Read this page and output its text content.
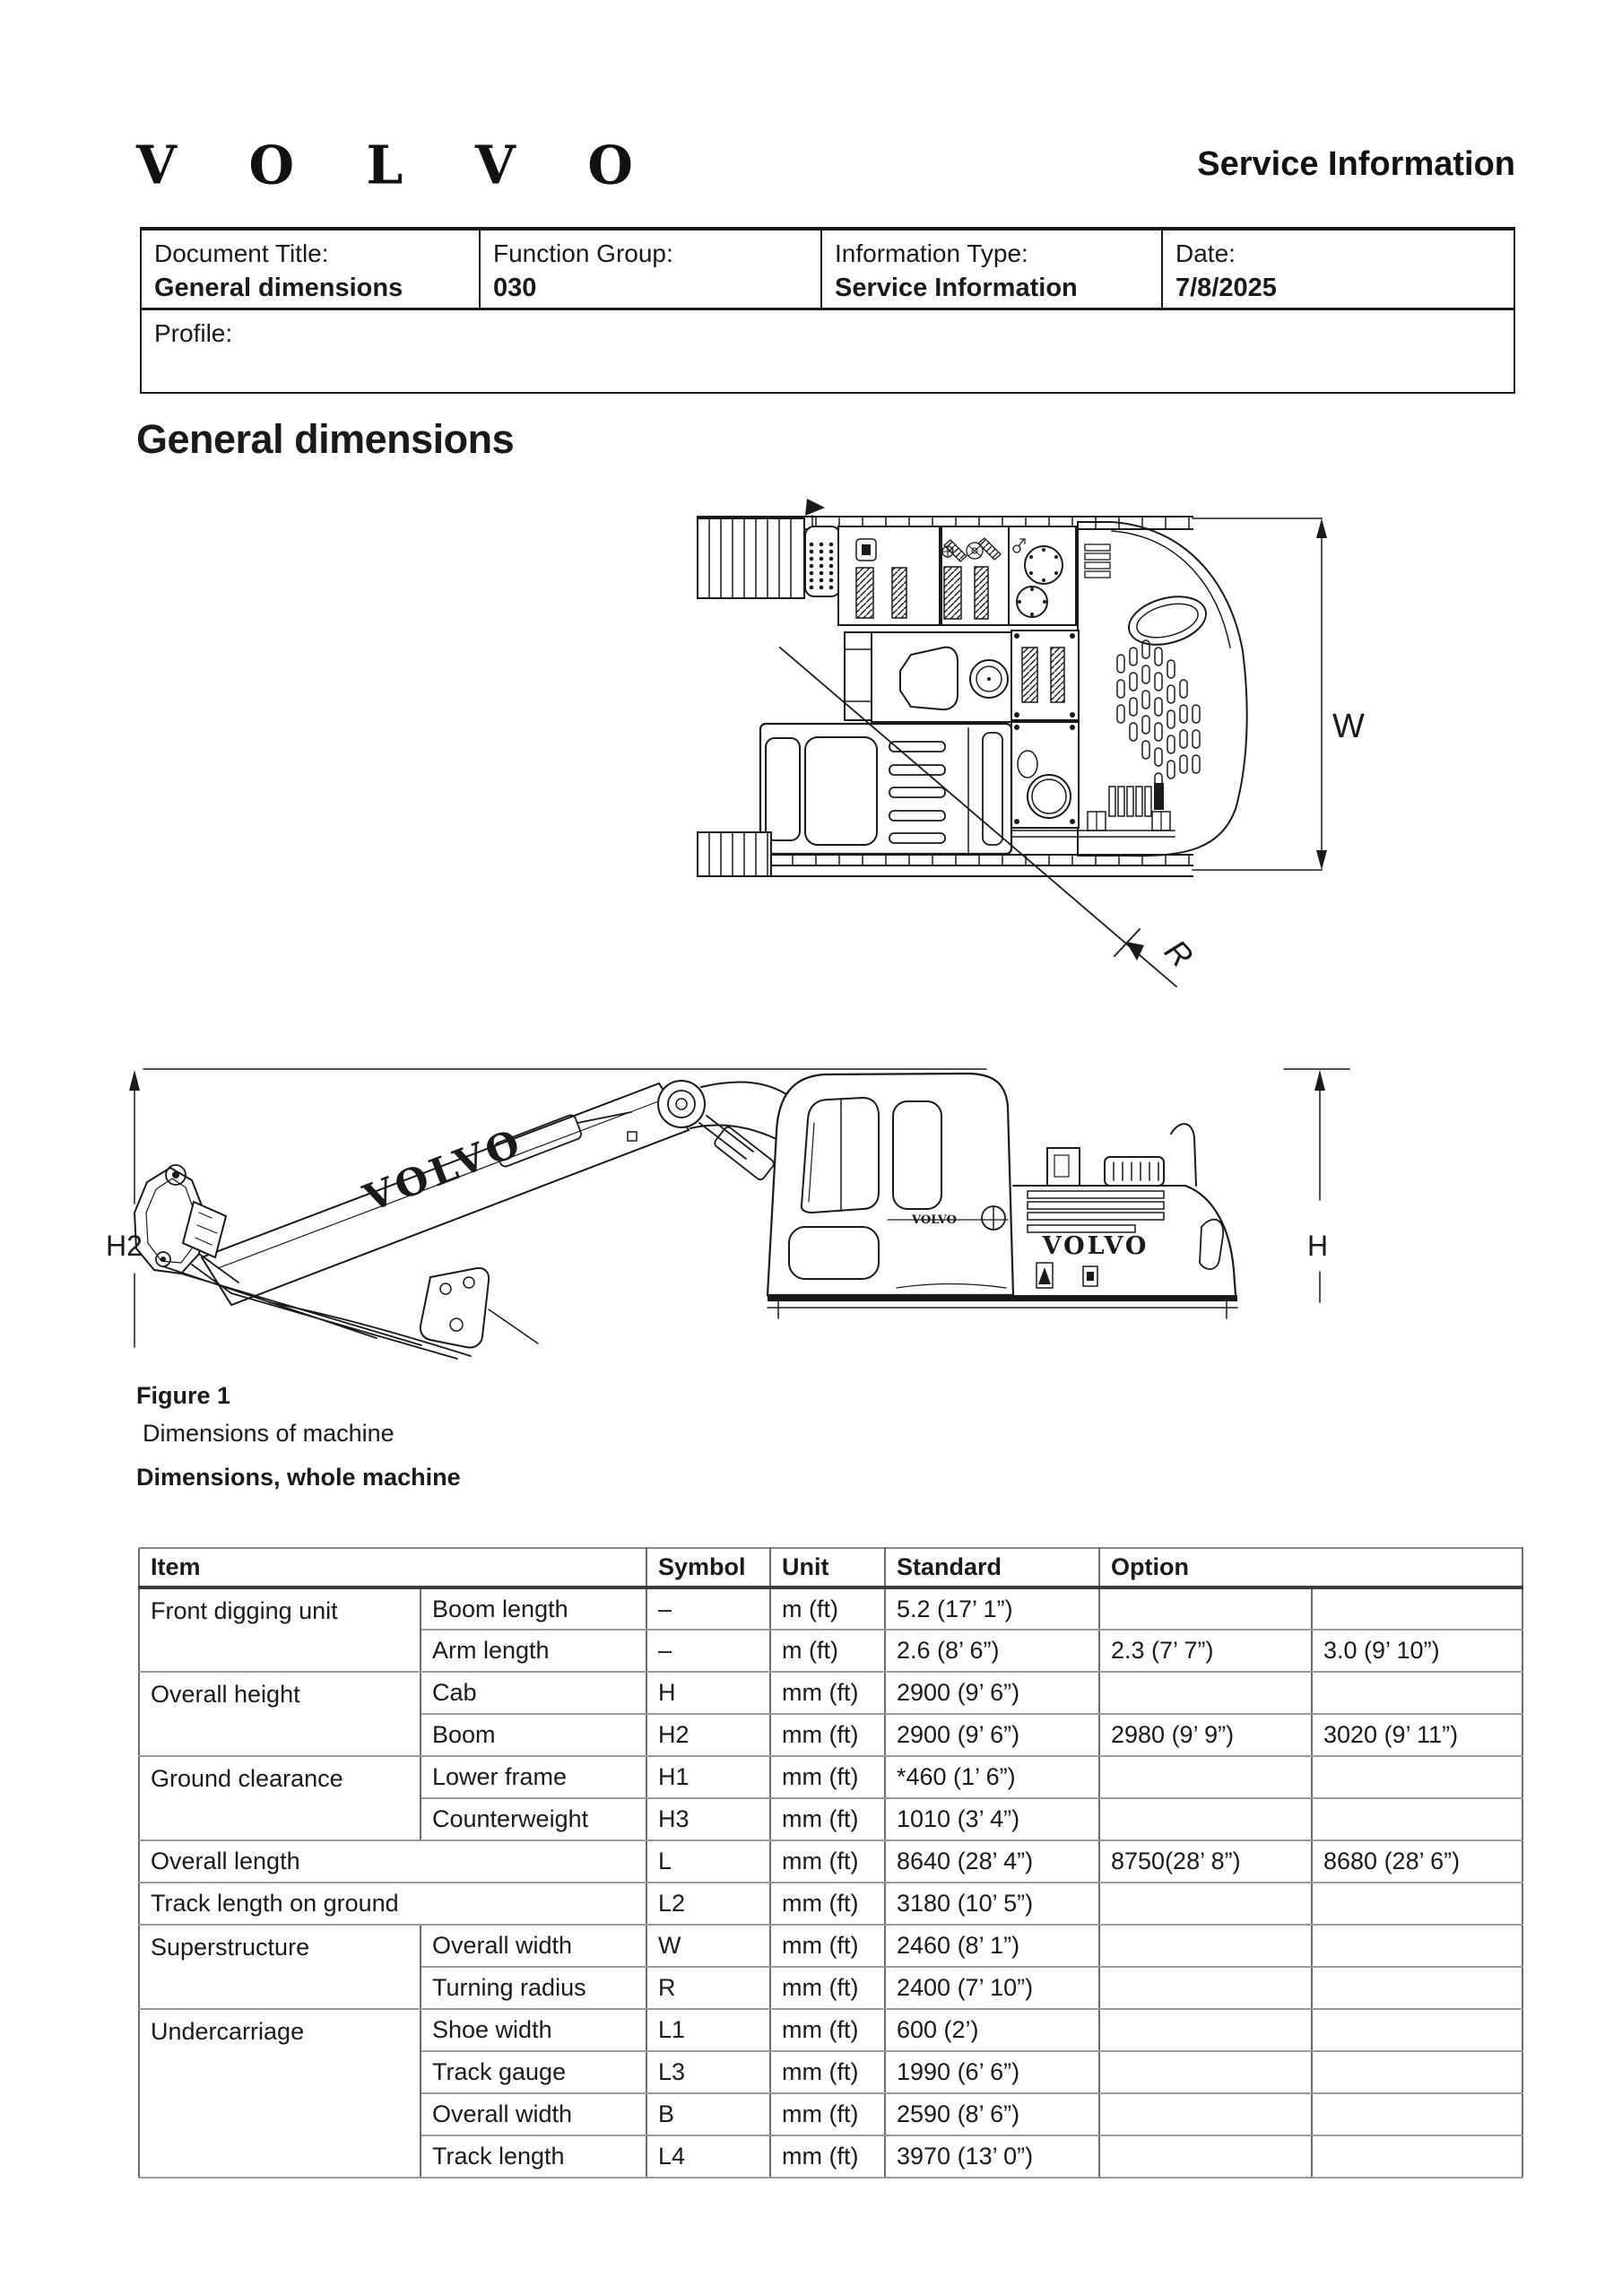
V O L V O	Service Information
Document Title:
General dimensions
Function Group:
030
Information Type:
Service Information
Date:
7/8/2025
Profile:
General dimensions
W
R
VOLVO
VOLVO
VOLVO
H2	H
Figure 1
Dimensions of machine
Dimensions, whole machine
Item		Symbol	Unit	Standard	Option	
Front digging unit	Boom length	–	m (ft)	5.2 (17’ 1”)		
	Arm length	–	m (ft)	2.6 (8’ 6”)	2.3 (7’ 7”)	3.0 (9’ 10”)
Overall height	Cab	H	mm (ft)	2900 (9’ 6”)		
	Boom	H2	mm (ft)	2900 (9’ 6”)	2980 (9’ 9”)	3020 (9’ 11”)
Ground clearance	Lower frame	H1	mm (ft)	*460 (1’ 6”)		
	Counterweight	H3	mm (ft)	1010 (3’ 4”)		
Overall length		L	mm (ft)	8640 (28’ 4”)	8750(28’ 8”)	8680 (28’ 6”)
Track length on ground		L2	mm (ft)	3180 (10’ 5”)		
Superstructure	Overall width	W	mm (ft)	2460 (8’ 1”)		
	Turning radius	R	mm (ft)	2400 (7’ 10”)		
Undercarriage	Shoe width	L1	mm (ft)	600 (2’)		
	Track gauge	L3	mm (ft)	1990 (6’ 6”)		
	Overall width	B	mm (ft)	2590 (8’ 6”)		
	Track length	L4	mm (ft)	3970 (13’ 0”)		
